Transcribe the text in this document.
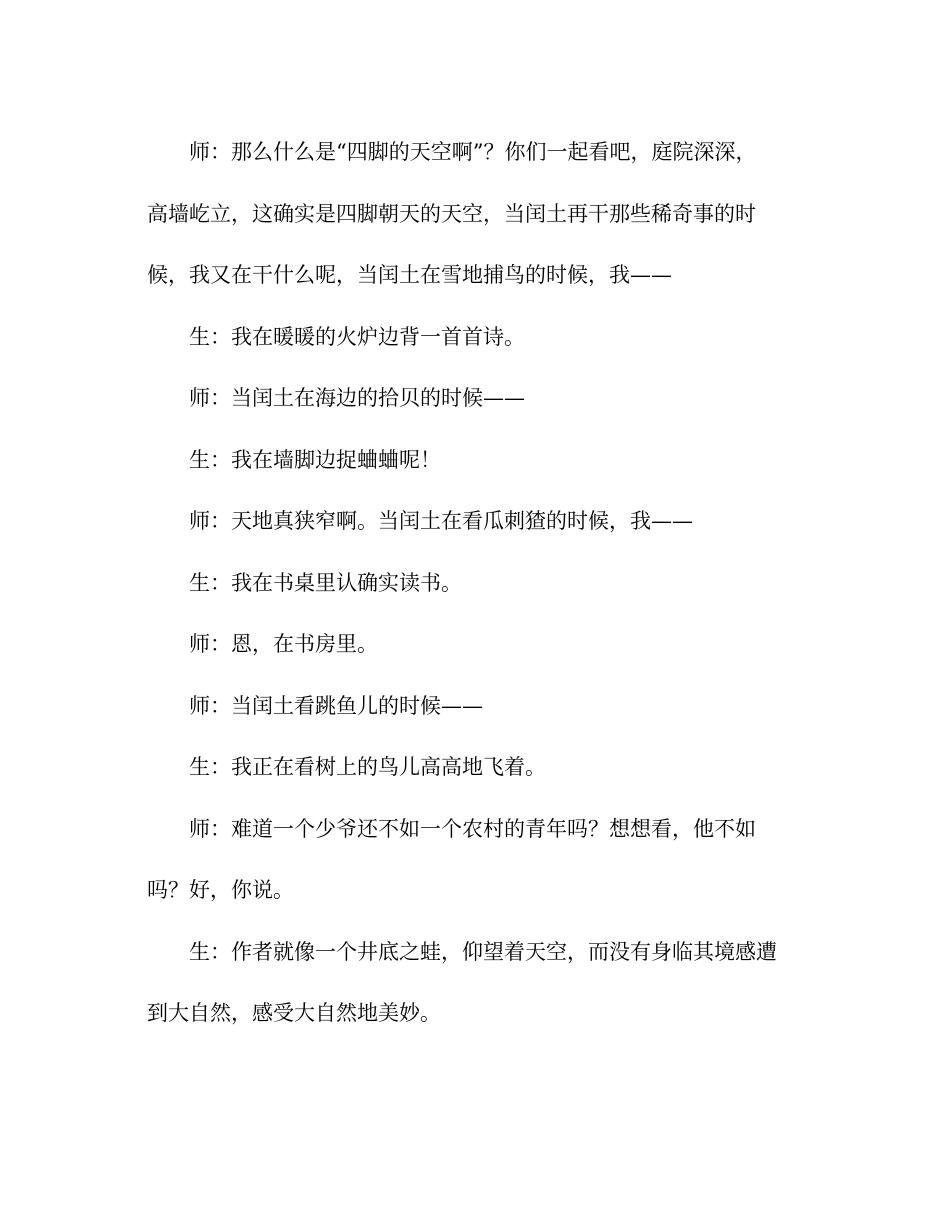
师：那么什么是“四脚的天空啊”？你们一起看吧，庭院深深，
高墙屹立，这确实是四脚朝天的天空，当闰土再干那些稀奇事的时
候，我又在干什么呢，当闰土在雪地捕鸟的时候，我——

生：我在暖暖的火炉边背一首首诗。

师：当闰土在海边的拾贝的时候——

生：我在墙脚边捉蛐蛐呢！

师：天地真狭窄啊。当闰土在看瓜刺猹的时候，我——

生：我在书桌里认确实读书。

师：恩，在书房里。

师：当闰土看跳鱼儿的时候——

生：我正在看树上的鸟儿高高地飞着。

师：难道一个少爷还不如一个农村的青年吗？想想看，他不如
吗？好，你说。

生：作者就像一个井底之蛙，仰望着天空，而没有身临其境感遭
到大自然，感受大自然地美妙。
